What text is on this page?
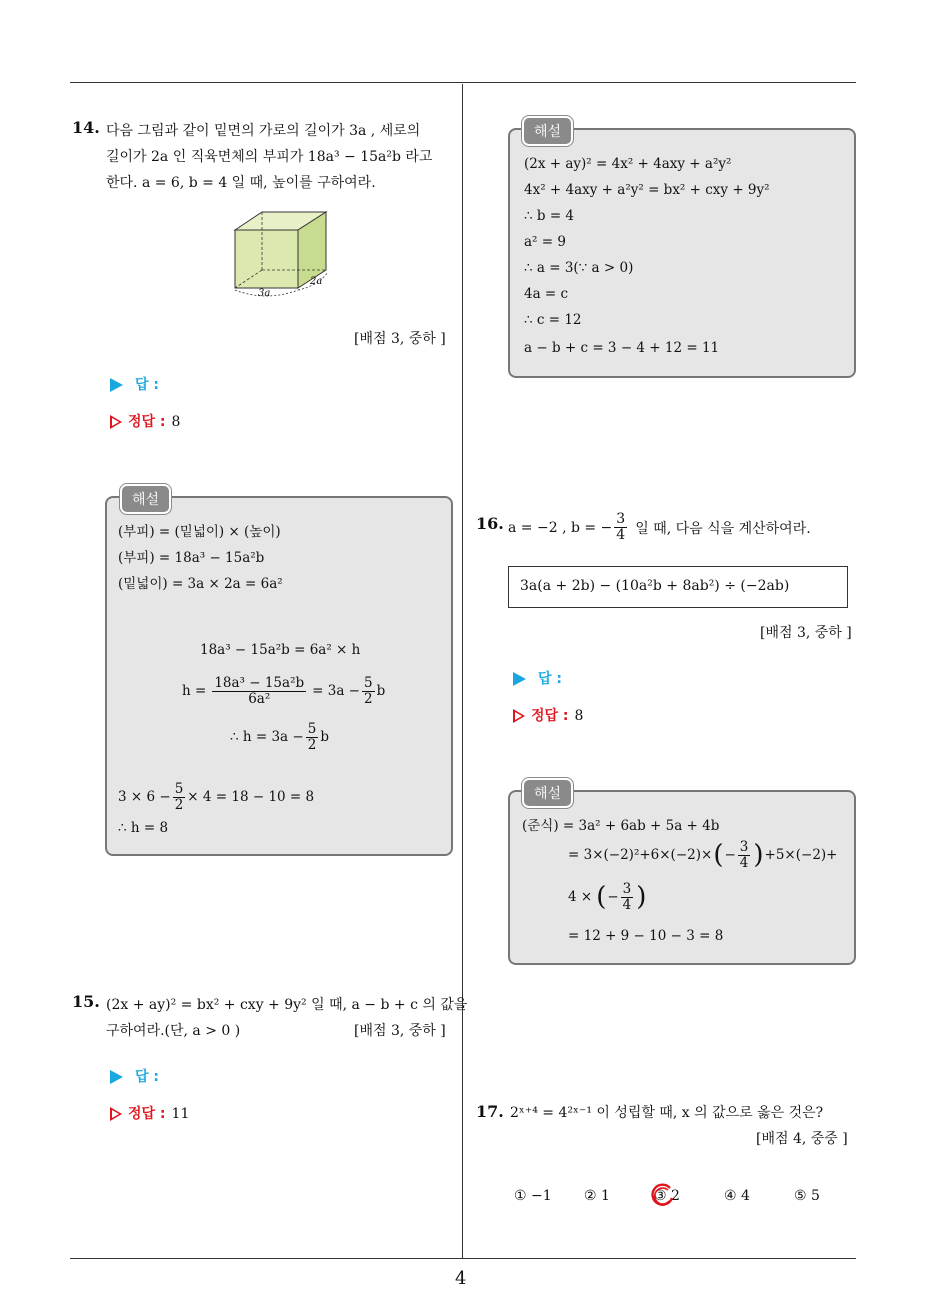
14. 다음 그림과 같이 밑면의 가로의 길이가 3a , 세로의
길이가 2a 인 직육면체의 부피가 18a³ − 15a²b 라고
한다. a = 6, b = 4 일 때, 높이를 구하여라.
3a
2a
[배점 3, 중하 ]
답 :
정답 : 8
해설
(부피) = (밑넓이) × (높이)
(부피) = 18a³ − 15a²b
(밑넓이) = 3a × 2a = 6a²
18a³ − 15a²b = 6a² × h
$h = \frac{\text{18a³ − 15a²b}}{\text{6a²}} = 3a - \frac{5}{2}$ b
∴ $h = 3a - \frac{5}{2}$ b
$3 \times 6 - \frac{5}{2} \times 4 = 18 - 10 = 8$
∴ h = 8
15. (2x + ay)² = bx² + cxy + 9y² 일 때, a − b + c 의 값을
구하여라.(단, a > 0 )	[배점 3, 중하 ]
답 :
정답 : 11
해설
(2x + ay)² = 4x² + 4axy + a²y²
4x² + 4axy + a²y² = bx² + cxy + 9y²
∴ b = 4
a² = 9
∴ a = 3(∵ a > 0)
4a = c
∴ c = 12
a − b + c = 3 − 4 + 12 = 11
16. a = −2 , b = − $\frac{3}{4}$ 일 때, 다음 식을 계산하여라.
3a(a + 2b) − (10a²b + 8ab²) ÷ (−2ab)
[배점 3, 중하 ]
답 :
정답 : 8
해설
(준식) = 3a² + 6ab + 5a + 4b
= 3×(−2)²+6×(−2)× ( − $\frac{3}{4}$ ) +5×(−2)+
4 × ( − $\frac{3}{4}$ )
= 12 + 9 − 10 − 3 = 8
17. 2ˣ⁺⁴ = 4²ˣ⁻¹ 이 성립할 때, x 의 값으로 옳은 것은?
[배점 4, 중중 ]
① −1 ② 1	③ 2	④ 4	⑤ 5
4
